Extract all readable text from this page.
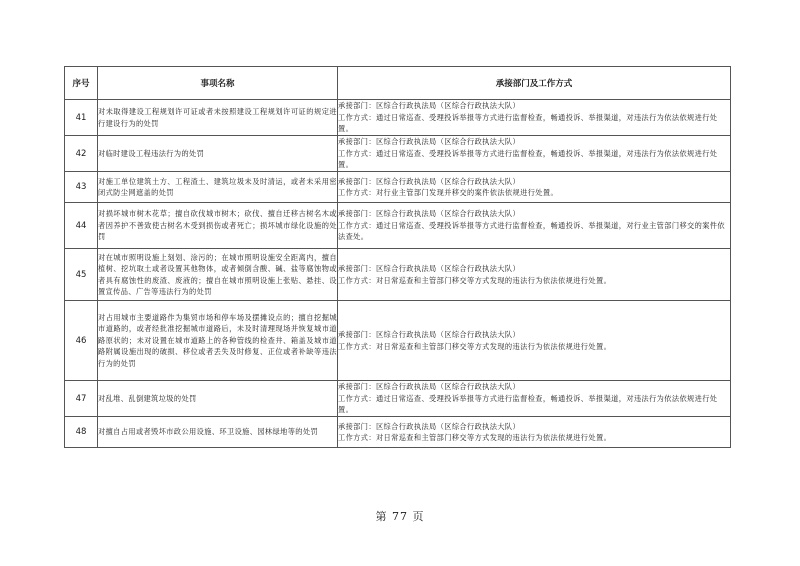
序号	事项名称	承接部门及工作方式
41	对未取得建设工程规划许可证或者未按照建设工程规划许可证的规定进行建设行为的处罚	承接部门：区综合行政执法局（区综合行政执法大队）
工作方式：通过日常巡查、受理投诉举报等方式进行监督检查，畅通投诉、举报渠道，对违法行为依法依规进行处置。

42	对临时建设工程违法行为的处罚	承接部门：区综合行政执法局（区综合行政执法大队）
工作方式：通过日常巡查、受理投诉举报等方式进行监督检查，畅通投诉、举报渠道，对违法行为依法依规进行处置。

43	对施工单位建筑土方、工程渣土、建筑垃圾未及时清运，或者未采用密闭式防尘网遮盖的处罚	承接部门：区综合行政执法局（区综合行政执法大队）
工作方式：对行业主管部门发现并移交的案件依法依规进行处置。

44	对损坏城市树木花草；擅自砍伐城市树木；砍伐、擅自迁移古树名木或者因养护不善致使古树名木受到损伤或者死亡；损坏城市绿化设施的处罚	承接部门：区综合行政执法局（区综合行政执法大队）
工作方式：通过日常巡查、受理投诉举报等方式进行监督检查，畅通投诉、举报渠道，对行业主管部门移交的案件依法查处。

45	对在城市照明设施上刻划、涂污的；在城市照明设施安全距离内，擅自植树、挖坑取土或者设置其他物体，或者倾倒含酸、碱、盐等腐蚀物或者具有腐蚀性的废渣、废液的；擅自在城市照明设施上张贴、悬挂、设置宣传品、广告等违法行为的处罚	承接部门：区综合行政执法局（区综合行政执法大队）
工作方式：对日常巡查和主管部门移交等方式发现的违法行为依法依规进行处置。

46	对占用城市主要道路作为集贸市场和停车场及摆摊设点的；擅自挖掘城市道路的，或者经批准挖掘城市道路后，未及时清理现场并恢复城市道路原状的；未对设置在城市道路上的各种管线的检查井、箱盖及城市道路附属设施出现的破损、移位或者丢失及时修复、正位或者补缺等违法行为的处罚	承接部门：区综合行政执法局（区综合行政执法大队）
工作方式：对日常巡查和主管部门移交等方式发现的违法行为依法依规进行处置。

47	对乱堆、乱倒建筑垃圾的处罚	承接部门：区综合行政执法局（区综合行政执法大队）
工作方式：通过日常巡查、受理投诉举报等方式进行监督检查，畅通投诉、举报渠道，对违法行为依法依规进行处置。

48	对擅自占用或者毁坏市政公用设施、环卫设施、园林绿地等的处罚	承接部门：区综合行政执法局（区综合行政执法大队）
工作方式：对日常巡查和主管部门移交等方式发现的违法行为依法依规进行处置。
第 77 页
